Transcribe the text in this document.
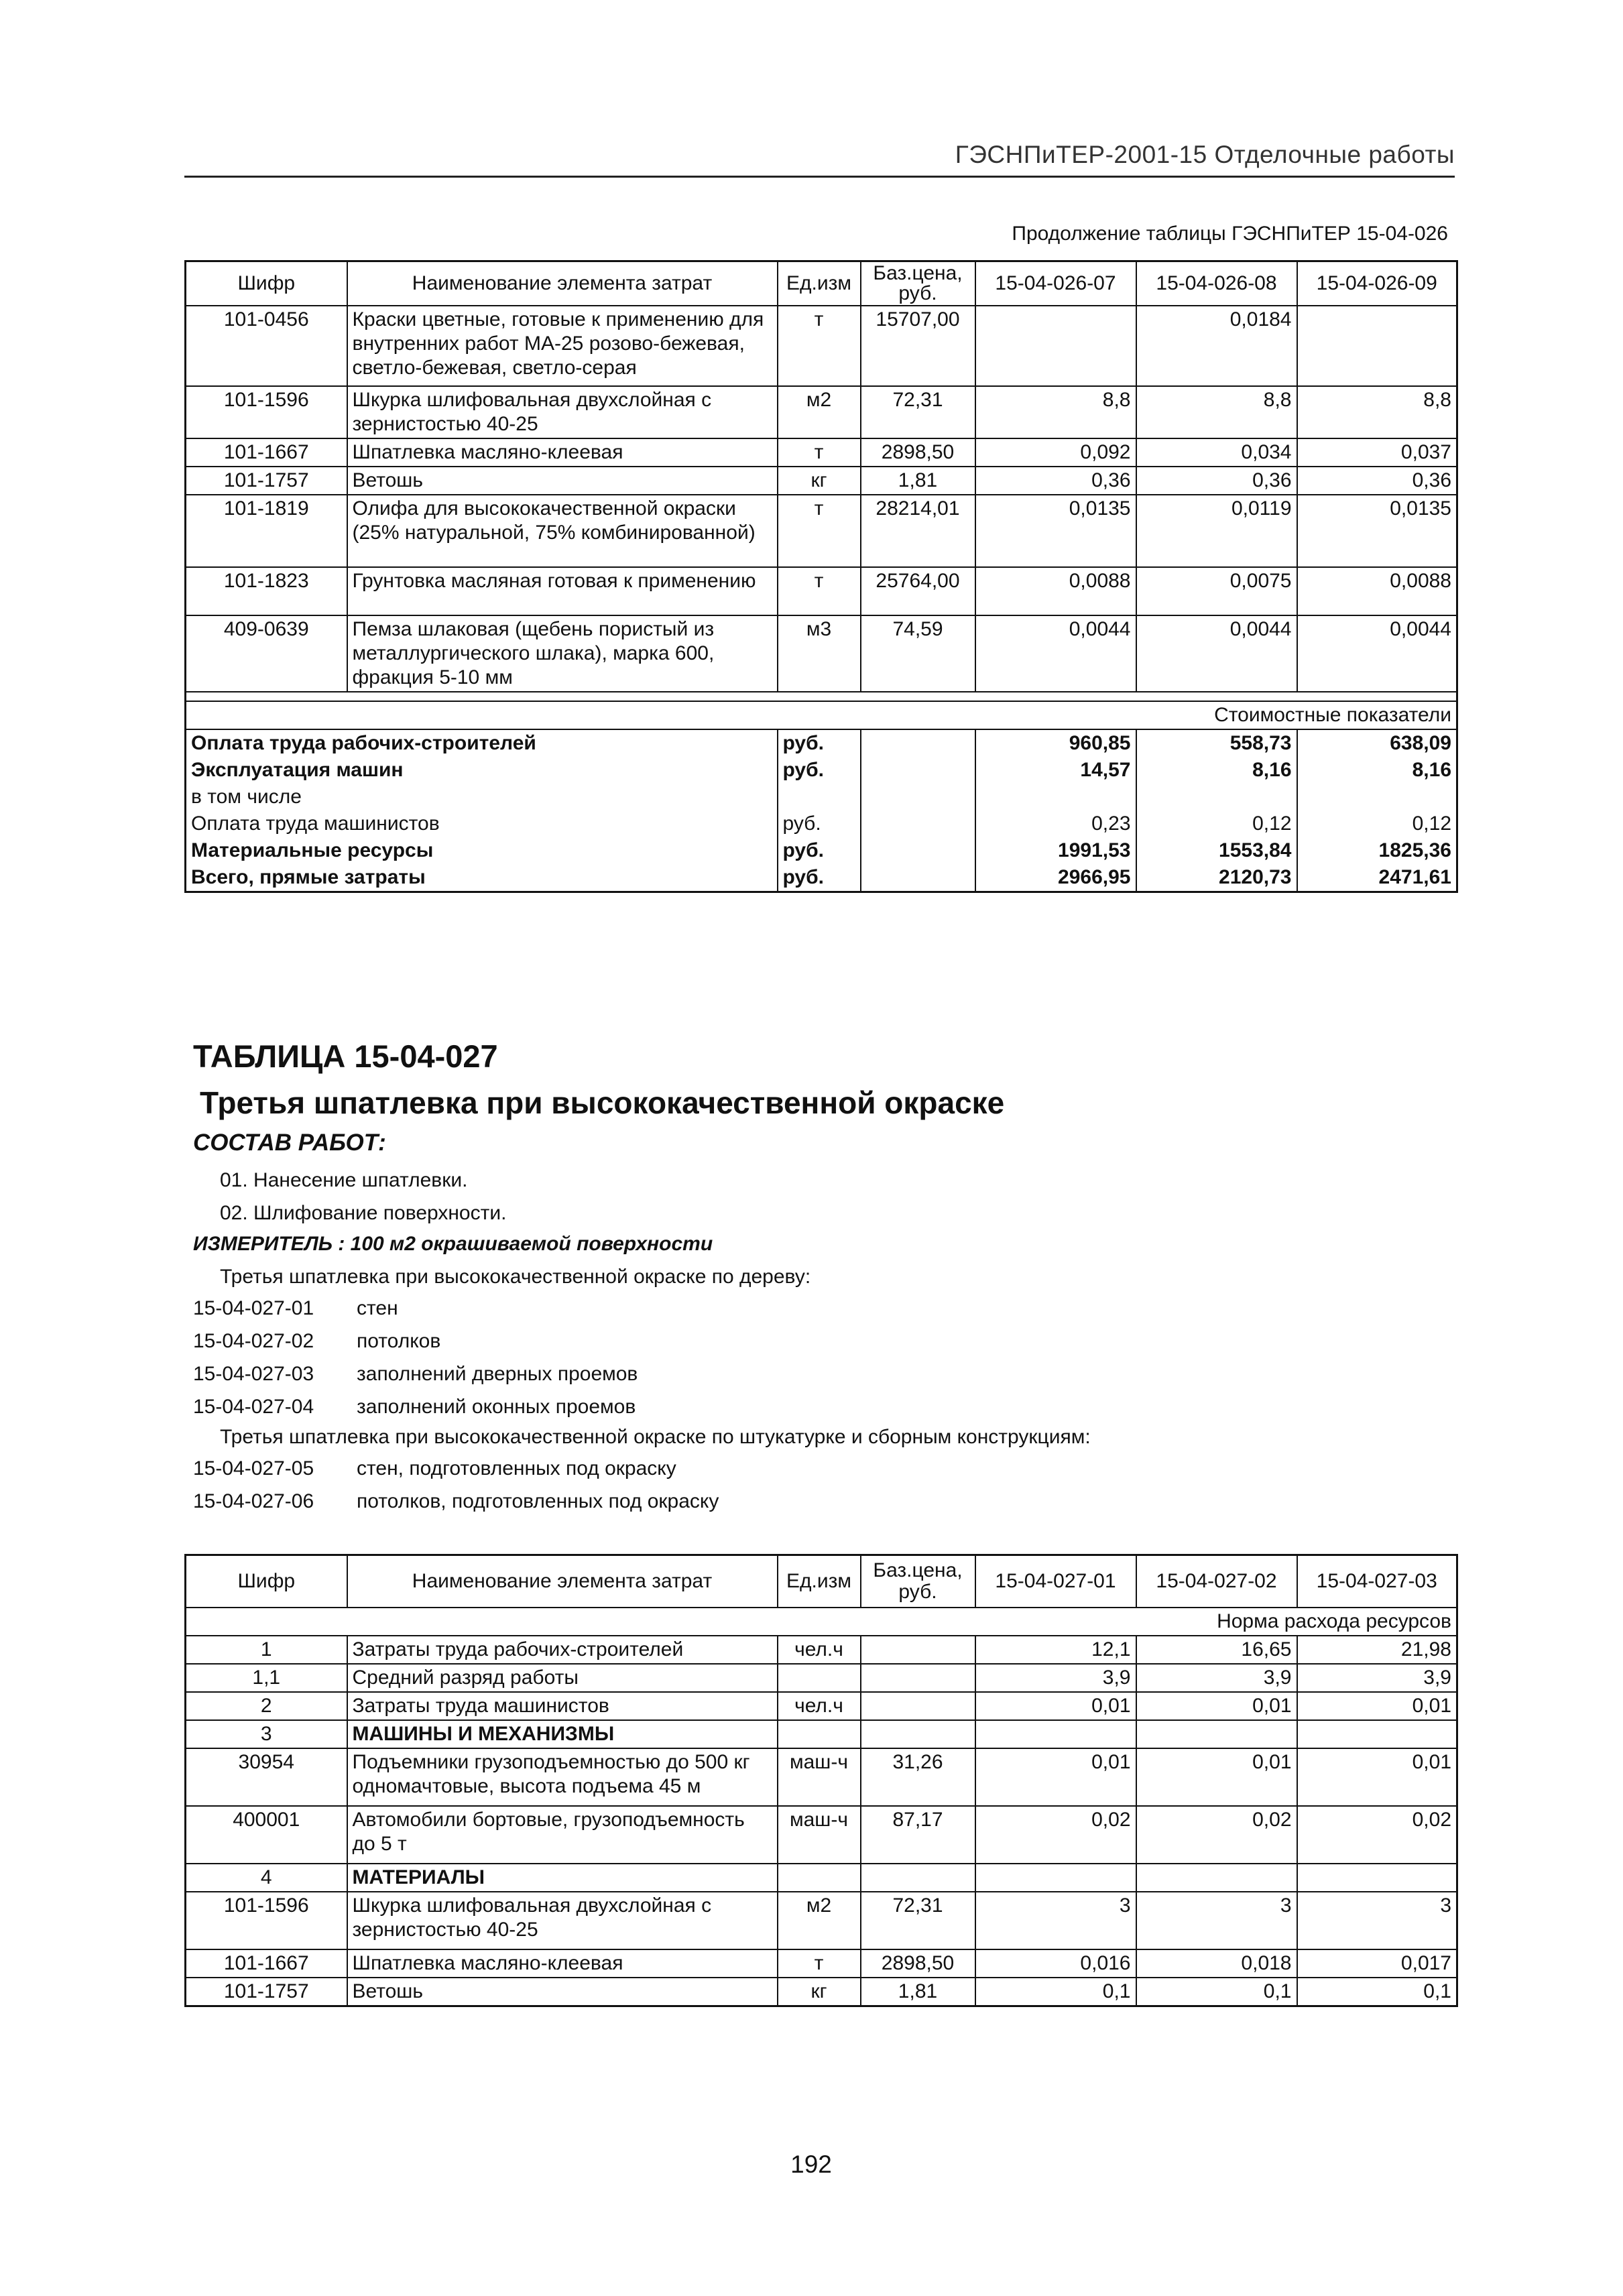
ГЭСНПиТЕР-2001-15 Отделочные работы
Продолжение таблицы ГЭСНПиТЕР 15-04-026
Шифр	Наименование элемента затрат	Ед.изм	Баз.цена, руб.	15-04-026-07	15-04-026-08	15-04-026-09
101-0456	Краски цветные, готовые к применению для внутренних работ МА-25 розово-бежевая, светло-бежевая, светло-серая	т	15707,00		0,0184	
101-1596	Шкурка шлифовальная двухслойная с зернистостью 40-25	м2	72,31	8,8	8,8	8,8
101-1667	Шпатлевка масляно-клеевая	т	2898,50	0,092	0,034	0,037
101-1757	Ветошь	кг	1,81	0,36	0,36	0,36
101-1819	Олифа для высококачественной окраски (25% натуральной, 75% комбинированной)	т	28214,01	0,0135	0,0119	0,0135
101-1823	Грунтовка масляная готовая к применению	т	25764,00	0,0088	0,0075	0,0088
409-0639	Пемза шлаковая (щебень пористый из металлургического шлака), марка 600, фракция 5-10 мм	м3	74,59	0,0044	0,0044	0,0044

Стоимостные показатели						
Оплата труда рабочих-строителей		руб.		960,85	558,73	638,09
Эксплуатация машин		руб.		14,57	8,16	8,16
в том числе						
Оплата труда машинистов		руб.		0,23	0,12	0,12
Материальные ресурсы		руб.		1991,53	1553,84	1825,36
Всего, прямые затраты		руб.		2966,95	2120,73	2471,61
ТАБЛИЦА 15-04-027
Третья шпатлевка при высококачественной окраске
СОСТАВ РАБОТ:
01. Нанесение шпатлевки.
02. Шлифование поверхности.
ИЗМЕРИТЕЛЬ : 100 м2 окрашиваемой поверхности
Третья шпатлевка при высококачественной окраске по дереву:
15-04-027-01 стен
15-04-027-02 потолков
15-04-027-03 заполнений дверных проемов
15-04-027-04 заполнений оконных проемов
15-04-027-05 стен, подготовленных под окраску
15-04-027-06 потолков, подготовленных под окраску
Третья шпатлевка при высококачественной окраске по штукатурке и сборным конструкциям:
Шифр	Наименование элемента затрат	Ед.изм	Баз.цена, руб.	15-04-027-01	15-04-027-02	15-04-027-03
Норма расхода ресурсов						
1	Затраты труда рабочих-строителей	чел.ч		12,1	16,65	21,98
1,1	Средний разряд работы			3,9	3,9	3,9
2	Затраты труда машинистов	чел.ч		0,01	0,01	0,01
3	МАШИНЫ И МЕХАНИЗМЫ					
30954	Подъемники грузоподъемностью до 500 кг одномачтовые, высота подъема 45 м	маш-ч	31,26	0,01	0,01	0,01
400001	Автомобили бортовые, грузоподъемность до 5 т	маш-ч	87,17	0,02	0,02	0,02
4	МАТЕРИАЛЫ					
101-1596	Шкурка шлифовальная двухслойная с зернистостью 40-25	м2	72,31	3	3	3
101-1667	Шпатлевка масляно-клеевая	т	2898,50	0,016	0,018	0,017
101-1757	Ветошь	кг	1,81	0,1	0,1	0,1
192
